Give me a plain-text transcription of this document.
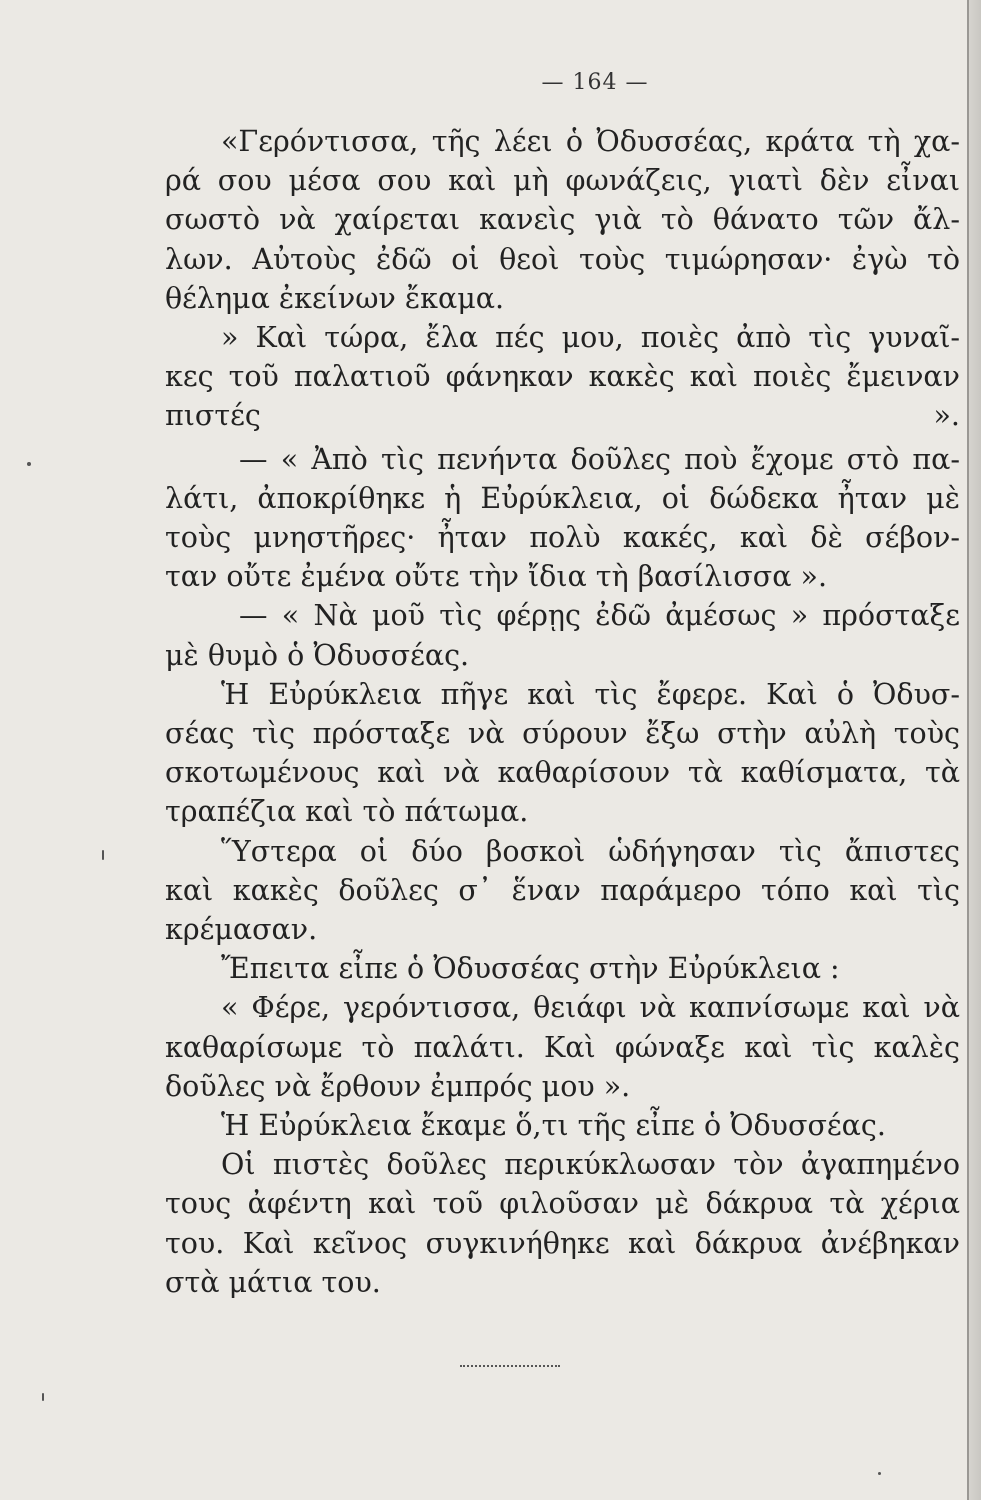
— 164 —

«Γερόντισσα, τῆς λέει ὁ Ὀδυσσέας, κράτα τὴ χα-
ρά σου μέσα σου καὶ μὴ φωνάζεις, γιατὶ δὲν εἶναι
σωστὸ νὰ χαίρεται κανεὶς γιὰ τὸ θάνατο τῶν ἄλ-
λων. Αὐτοὺς ἐδῶ οἱ θεοὶ τοὺς τιμώρησαν· ἐγὼ τὸ
θέλημα ἐκείνων ἔκαμα.

» Καὶ τώρα, ἔλα πές μου, ποιὲς ἀπὸ τὶς γυναῖ-
κες τοῦ παλατιοῦ φάνηκαν κακὲς καὶ ποιὲς ἔμειναν
πιστές ».

— « Ἀπὸ τὶς πενήντα δοῦλες ποὺ ἔχομε στὸ πα-
λάτι, ἀποκρίθηκε ἡ Εὐρύκλεια, οἱ δώδεκα ἦταν μὲ
τοὺς μνηστῆρες· ἦταν πολὺ κακές, καὶ δὲ σέβον-
ταν οὔτε ἐμένα οὔτε τὴν ἴδια τὴ βασίλισσα ».

— « Νὰ μοῦ τὶς φέρῃς ἐδῶ ἀμέσως » πρόσταξε
μὲ θυμὸ ὁ Ὀδυσσέας.

Ἡ Εὐρύκλεια πῆγε καὶ τὶς ἔφερε. Καὶ ὁ Ὀδυσ-
σέας τὶς πρόσταξε νὰ σύρουν ἔξω στὴν αὐλὴ τοὺς
σκοτωμένους καὶ νὰ καθαρίσουν τὰ καθίσματα, τὰ
τραπέζια καὶ τὸ πάτωμα.

Ὕστερα οἱ δύο βοσκοὶ ὡδήγησαν τὶς ἄπιστες
καὶ κακὲς δοῦλες σ᾽ ἕναν παράμερο τόπο καὶ τὶς
κρέμασαν.

Ἔπειτα εἶπε ὁ Ὀδυσσέας στὴν Εὐρύκλεια :

« Φέρε, γερόντισσα, θειάφι νὰ καπνίσωμε καὶ νὰ
καθαρίσωμε τὸ παλάτι. Καὶ φώναξε καὶ τὶς καλὲς
δοῦλες νὰ ἔρθουν ἐμπρός μου ».

Ἡ Εὐρύκλεια ἔκαμε ὅ,τι τῆς εἶπε ὁ Ὀδυσσέας.

Οἱ πιστὲς δοῦλες περικύκλωσαν τὸν ἀγαπημένο
τους ἀφέντη καὶ τοῦ φιλοῦσαν μὲ δάκρυα τὰ χέρια
του. Καὶ κεῖνος συγκινήθηκε καὶ δάκρυα ἀνέβηκαν
στὰ μάτια του.
